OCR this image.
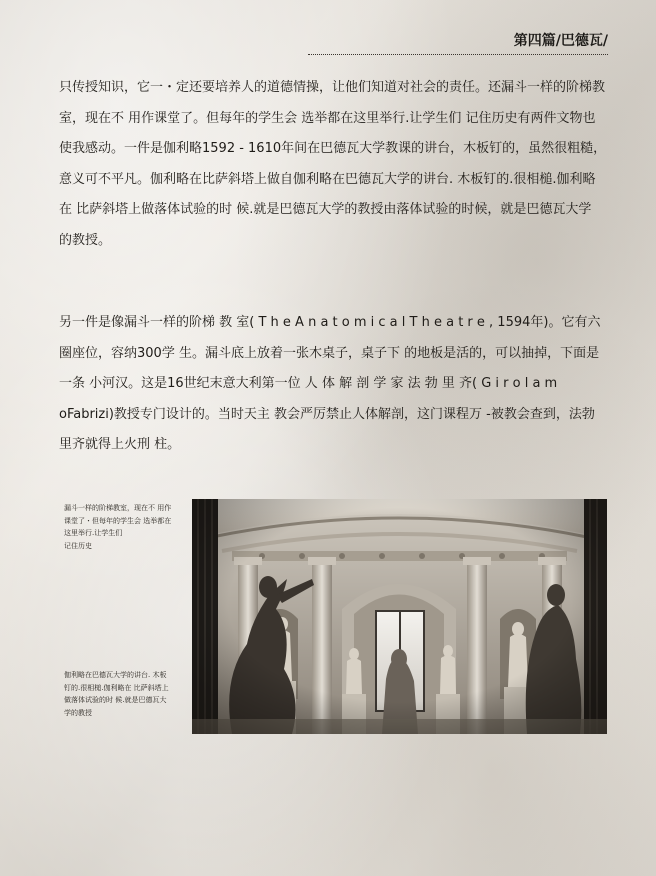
第四篇/巴德瓦/

只传授知识，它一・定还要培养人的道德情操，让他们知道对社会的责任。还漏斗一样的阶梯教室，现在不 用作课堂了。但每年的学生会 选举都在这里举行.让学生们 记住历史有两件文物也使我感动。一件是伽利略1592 - 1610年间在巴德瓦大学教课的讲台，木板钉的，虽然很粗糙，意义可不平凡。伽利略在比萨斜塔上做自伽利略在巴德瓦大学的讲台. 木板钉的.很相槌.伽利略在 比萨斜塔上做落体试验的时 候.就是巴德瓦大学的教授由落体试验的时候，就是巴德瓦大学 的教授。

另一件是像漏斗一样的阶梯 教 室( T h e A n a t o m i c a l T h e a t r e , 1594年)。它有六圈座位，容纳300学 生。漏斗底上放着一张木桌子，桌子下 的地板是活的，可以抽掉，下面是一条 小河汉。这是16世纪末意大利第一位 人 体 解 剖 学 家 法 勃 里 齐( G i r o l a m oFabrizi)教授专门设计的。当时天主 教会严厉禁止人体解剖，这门课程万 -被教会查到，法勃里齐就得上火刑 柱。

漏斗一样的阶梯教室，现在不 用作课堂了・但每年的学生会 选举都在这里举行.让学生们
记住历史

伽利略在巴德瓦大学的讲台. 木板钉的.很相槌.伽利略在 比萨斜塔上做落体试验的时 候.就是巴德瓦大学的教授
